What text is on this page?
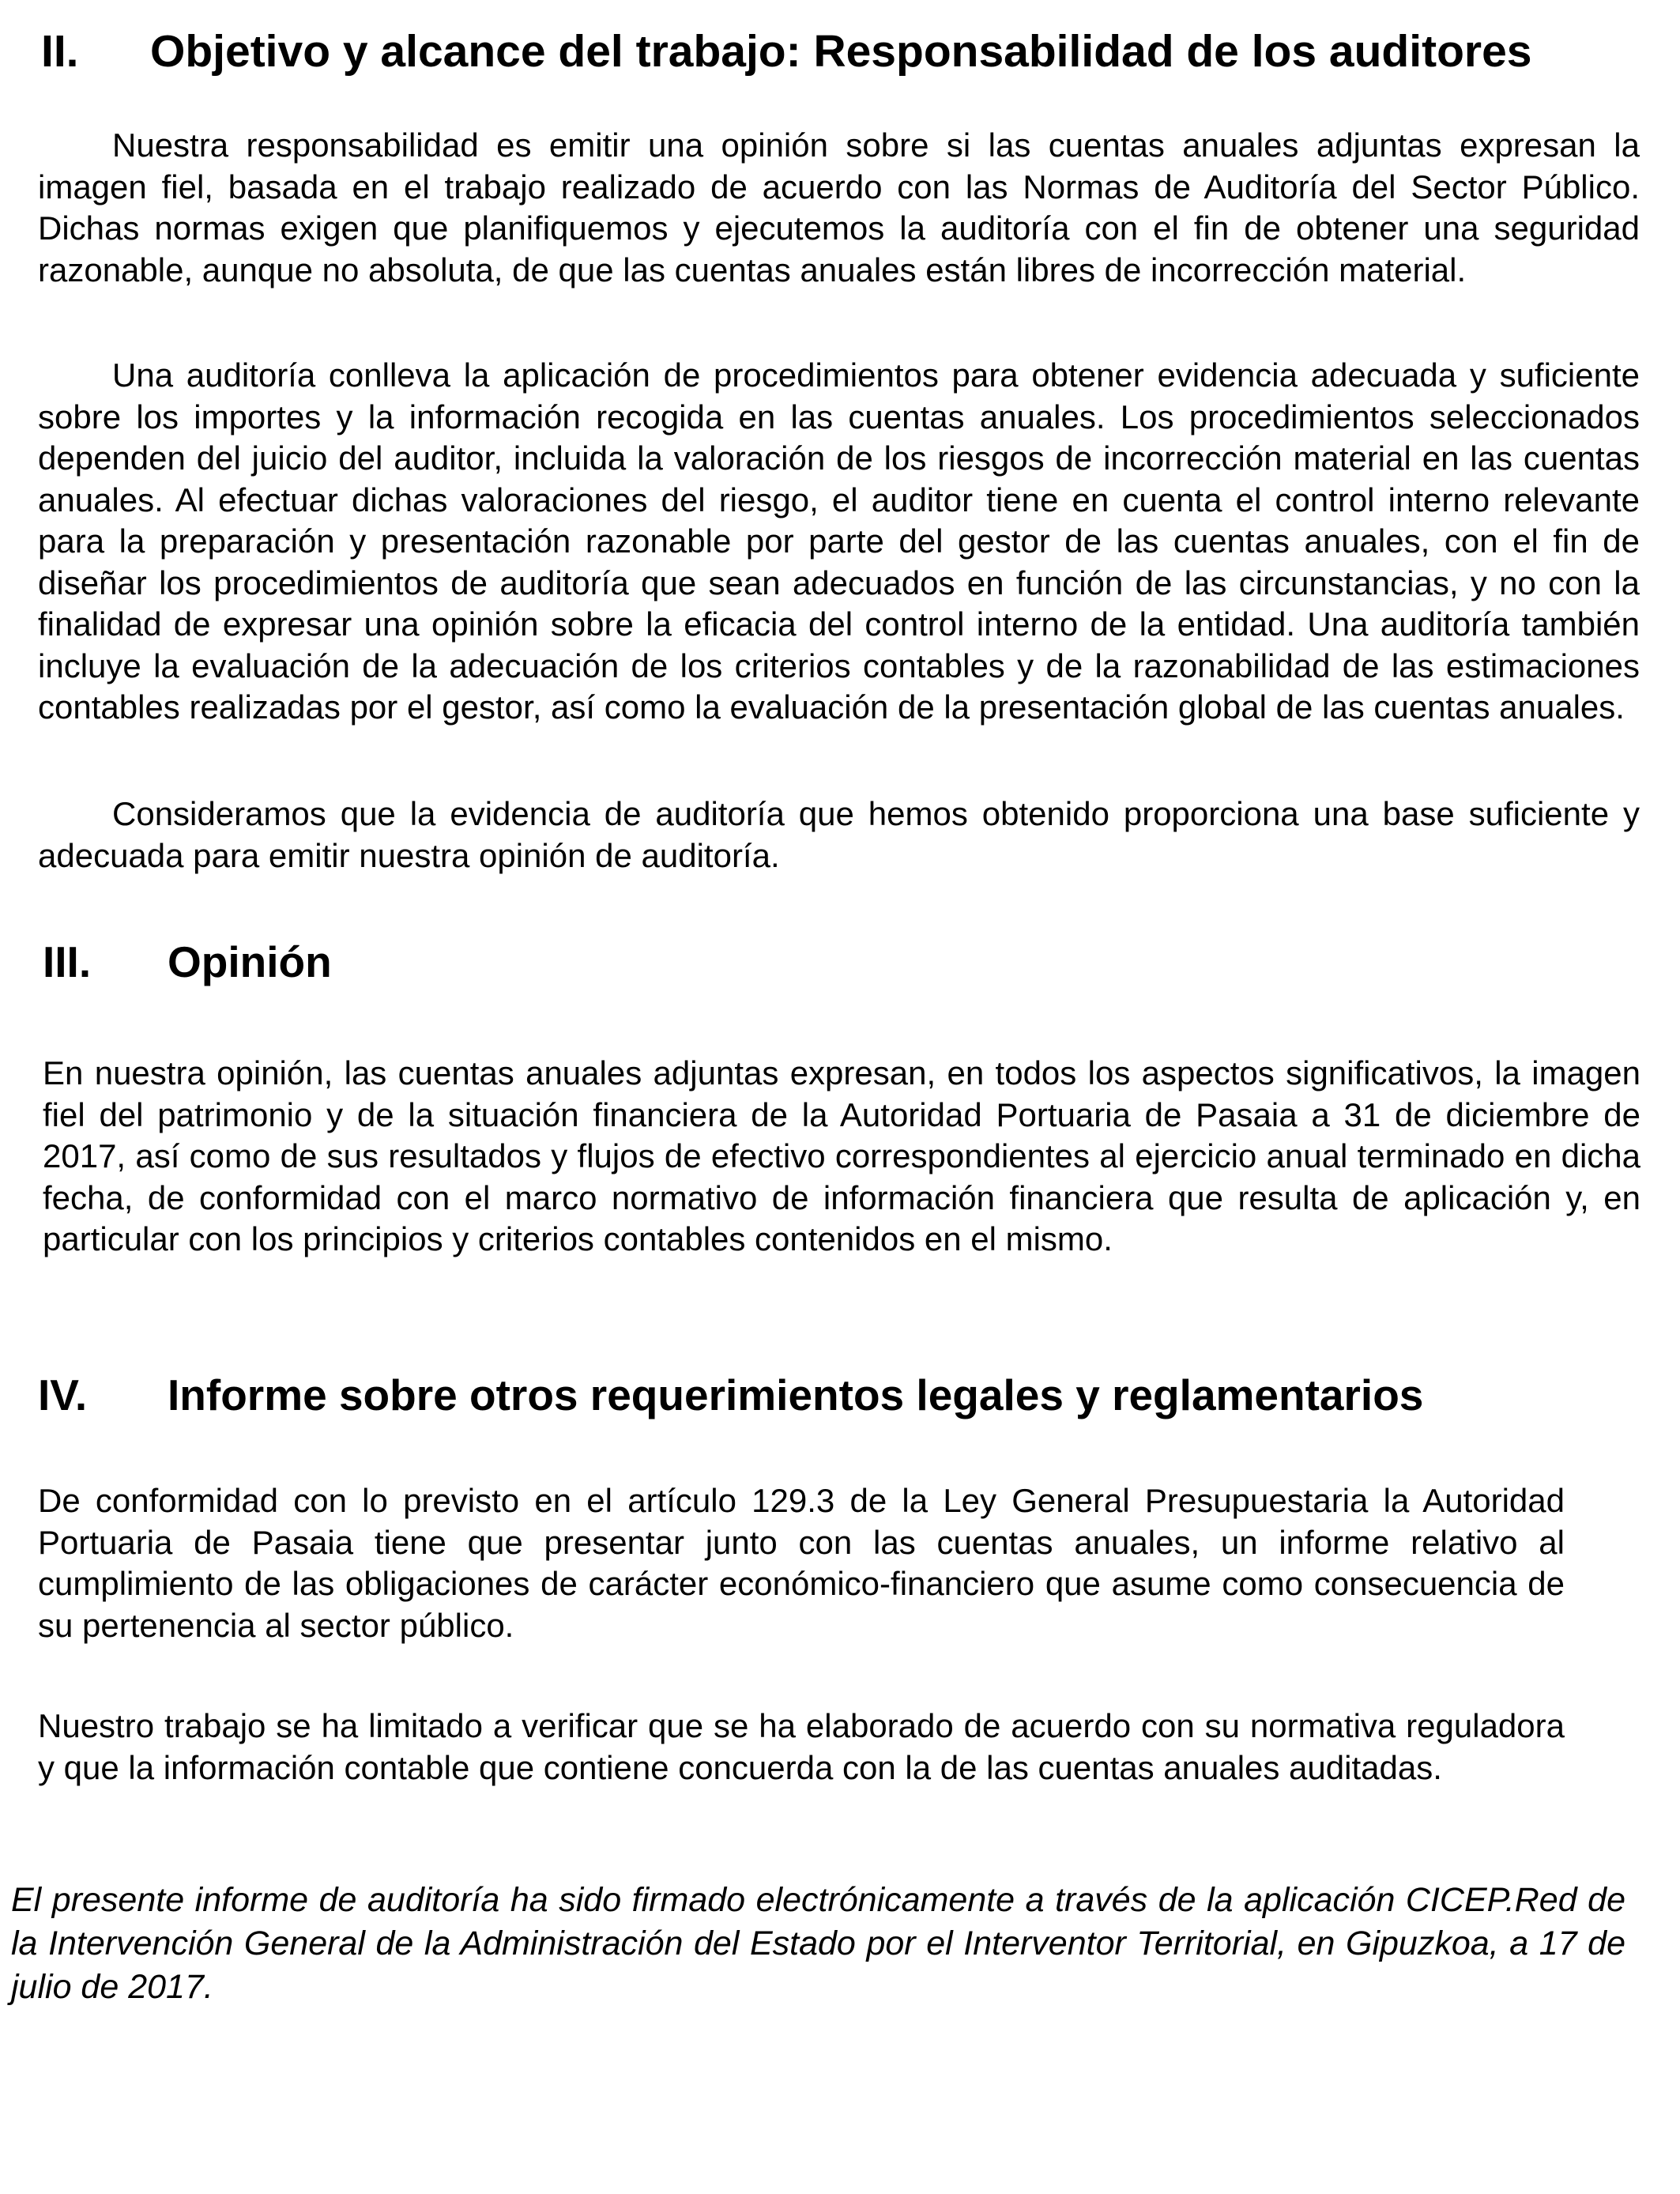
II. Objetivo y alcance del trabajo: Responsabilidad de los auditores

Nuestra responsabilidad es emitir una opinión sobre si las cuentas anuales adjuntas expresan la imagen fiel, basada en el trabajo realizado de acuerdo con las Normas de Auditoría del Sector Público. Dichas normas exigen que planifiquemos y ejecutemos la auditoría con el fin de obtener una seguridad razonable, aunque no absoluta, de que las cuentas anuales están libres de incorrección material.

Una auditoría conlleva la aplicación de procedimientos para obtener evidencia adecuada y suficiente sobre los importes y la información recogida en las cuentas anuales. Los procedimientos seleccionados dependen del juicio del auditor, incluida la valoración de los riesgos de incorrección material en las cuentas anuales. Al efectuar dichas valoraciones del riesgo, el auditor tiene en cuenta el control interno relevante para la preparación y presentación razonable por parte del gestor de las cuentas anuales, con el fin de diseñar los procedimientos de auditoría que sean adecuados en función de las circunstancias, y no con la finalidad de expresar una opinión sobre la eficacia del control interno de la entidad. Una auditoría también incluye la evaluación de la adecuación de los criterios contables y de la razonabilidad de las estimaciones contables realizadas por el gestor, así como la evaluación de la presentación global de las cuentas anuales.

Consideramos que la evidencia de auditoría que hemos obtenido proporciona una base suficiente y adecuada para emitir nuestra opinión de auditoría.

III. Opinión

En nuestra opinión, las cuentas anuales adjuntas expresan, en todos los aspectos significativos, la imagen fiel del patrimonio y de la situación financiera de la Autoridad Portuaria de Pasaia a 31 de diciembre de 2017, así como de sus resultados y flujos de efectivo correspondientes al ejercicio anual terminado en dicha fecha, de conformidad con el marco normativo de información financiera que resulta de aplicación y, en particular con los principios y criterios contables contenidos en el mismo.

IV. Informe sobre otros requerimientos legales y reglamentarios

De conformidad con lo previsto en el artículo 129.3 de la Ley General Presupuestaria la Autoridad Portuaria de Pasaia tiene que presentar junto con las cuentas anuales, un informe relativo al cumplimiento de las obligaciones de carácter económico-financiero que asume como consecuencia de su pertenencia al sector público.

Nuestro trabajo se ha limitado a verificar que se ha elaborado de acuerdo con su normativa reguladora y que la información contable que contiene concuerda con la de las cuentas anuales auditadas.

El presente informe de auditoría ha sido firmado electrónicamente a través de la aplicación CICEP.Red de la Intervención General de la Administración del Estado por el Interventor Territorial, en Gipuzkoa, a 17 de julio de 2017.
